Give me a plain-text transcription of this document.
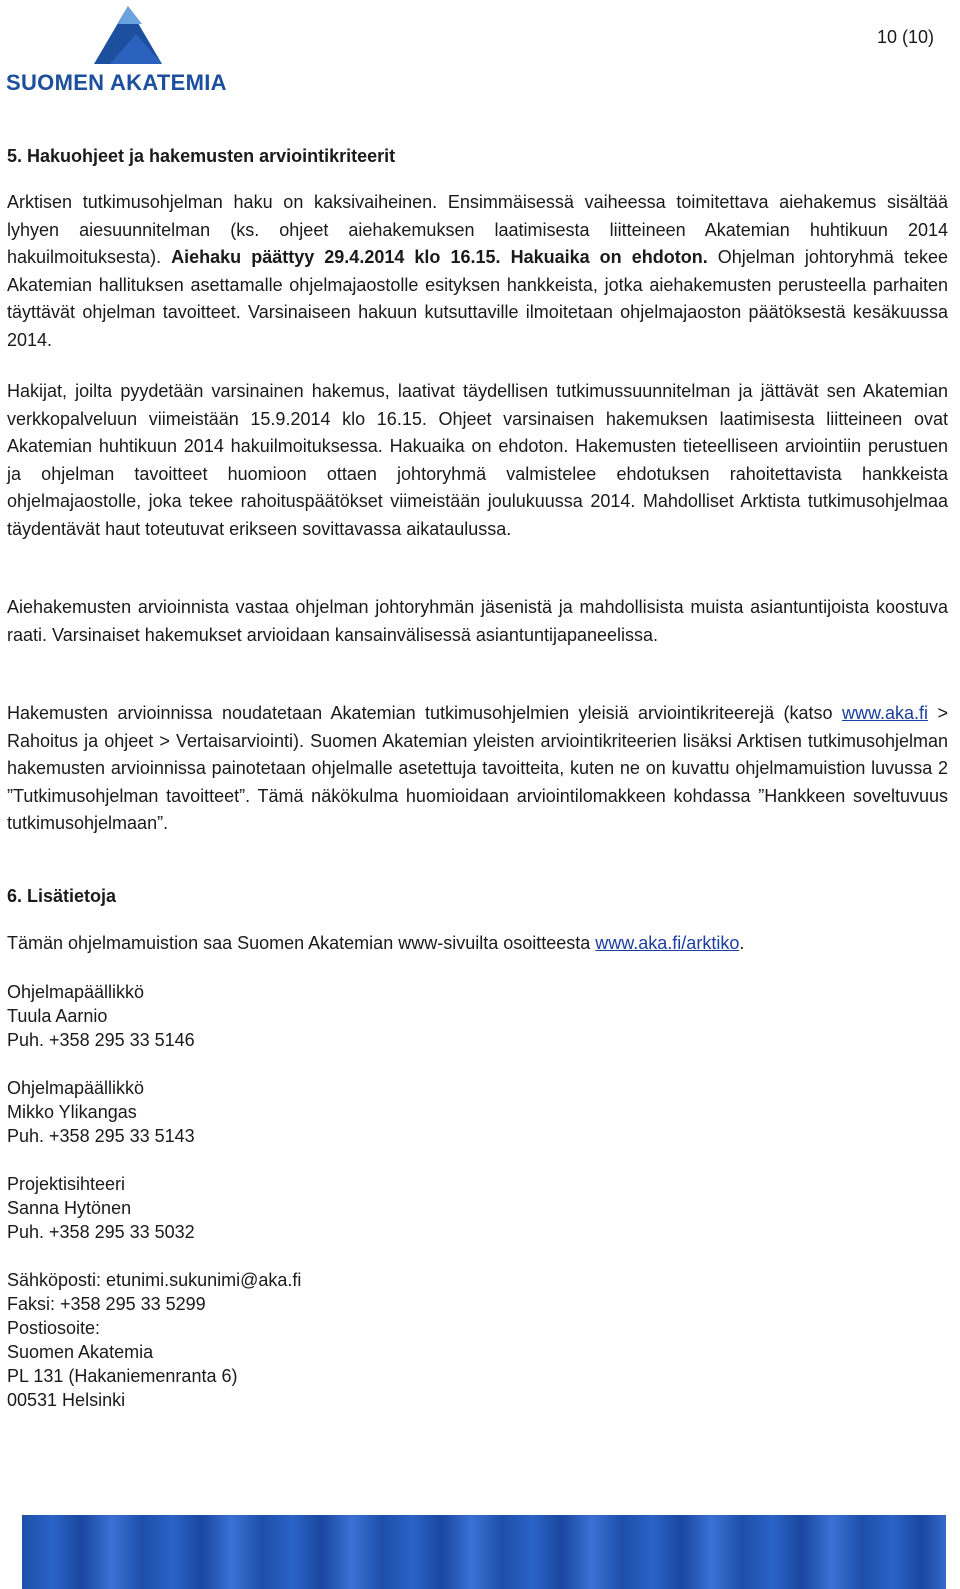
SUOMEN AKATEMIA
10 (10)
5. Hakuohjeet ja hakemusten arviointikriteerit

Arktisen tutkimusohjelman haku on kaksivaiheinen. Ensimmäisessä vaiheessa toimitettava aiehakemus sisältää lyhyen aiesuunnitelman (ks. ohjeet aiehakemuksen laatimisesta liitteineen Akatemian huhtikuun 2014 hakuilmoituksesta). Aiehaku päättyy 29.4.2014 klo 16.15. Hakuaika on ehdoton. Ohjelman johtoryhmä tekee Akatemian hallituksen asettamalle ohjelmajaostolle esityksen hankkeista, jotka aiehakemusten perusteella parhaiten täyttävät ohjelman tavoitteet. Varsinaiseen hakuun kutsuttaville ilmoitetaan ohjelmajaoston päätöksestä kesäkuussa 2014.

Hakijat, joilta pyydetään varsinainen hakemus, laativat täydellisen tutkimussuunnitelman ja jättävät sen Akatemian verkkopalveluun viimeistään 15.9.2014 klo 16.15. Ohjeet varsinaisen hakemuksen laatimisesta liitteineen ovat Akatemian huhtikuun 2014 hakuilmoituksessa. Hakuaika on ehdoton. Hakemusten tieteelliseen arviointiin perustuen ja ohjelman tavoitteet huomioon ottaen johtoryhmä valmistelee ehdotuksen rahoitettavista hankkeista ohjelmajaostolle, joka tekee rahoituspäätökset viimeistään joulukuussa 2014. Mahdolliset Arktista tutkimusohjelmaa täydentävät haut toteutuvat erikseen sovittavassa aikataulussa.

Aiehakemusten arvioinnista vastaa ohjelman johtoryhmän jäsenistä ja mahdollisista muista asiantuntijoista koostuva raati. Varsinaiset hakemukset arvioidaan kansainvälisessä asiantuntijapaneelissa.

Hakemusten arvioinnissa noudatetaan Akatemian tutkimusohjelmien yleisiä arviointikriteerejä (katso www.aka.fi > Rahoitus ja ohjeet > Vertaisarviointi). Suomen Akatemian yleisten arviointikriteerien lisäksi Arktisen tutkimusohjelman hakemusten arvioinnissa painotetaan ohjelmalle asetettuja tavoitteita, kuten ne on kuvattu ohjelmamuistion luvussa 2 ”Tutkimusohjelman tavoitteet”. Tämä näkökulma huomioidaan arviointilomakkeen kohdassa ”Hankkeen soveltuvuus tutkimusohjelmaan”.

6. Lisätietoja

Tämän ohjelmamuistion saa Suomen Akatemian www-sivuilta osoitteesta www.aka.fi/arktiko.

Ohjelmapäällikkö
Tuula Aarnio
Puh. +358 295 33 5146
Ohjelmapäällikkö
Mikko Ylikangas
Puh. +358 295 33 5143
Projektisihteeri
Sanna Hytönen
Puh. +358 295 33 5032
Sähköposti: etunimi.sukunimi@aka.fi
Faksi: +358 295 33 5299
Postiosoite:
Suomen Akatemia
PL 131 (Hakaniemenranta 6)
00531 Helsinki
